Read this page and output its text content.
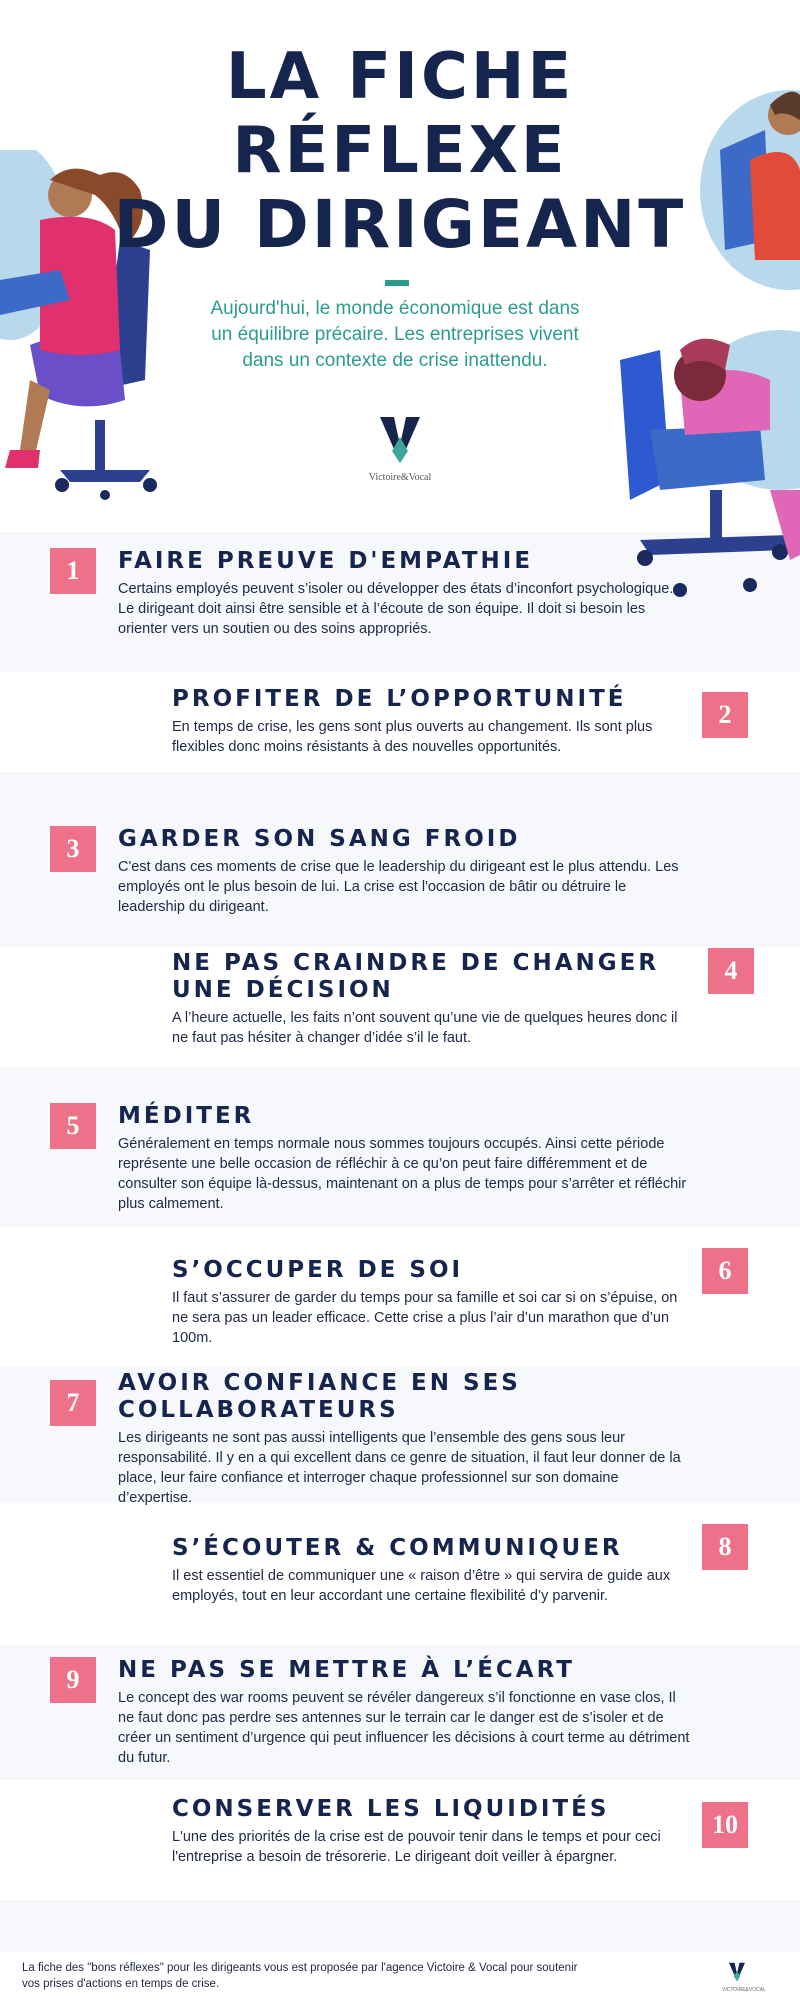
LA FICHE
RÉFLEXE
DU DIRIGEANT

Aujourd'hui, le monde économique est dans un équilibre précaire. Les entreprises vivent dans un contexte de crise inattendu.

Victoire&Vocal
1	FAIRE PREUVE D'EMPATHIE

Certains employés peuvent s’isoler ou développer des états d’inconfort psychologique. Le dirigeant doit ainsi être sensible et à l’écoute de son équipe. Il doit si besoin les orienter vers un soutien ou des soins appropriés.

PROFITER DE L’OPPORTUNITÉ

En temps de crise, les gens sont plus ouverts au changement. Ils sont plus flexibles donc moins résistants à des nouvelles opportunités.

2
3	GARDER SON SANG FROID

C'est dans ces moments de crise que le leadership du dirigeant est le plus attendu. Les employés ont le plus besoin de lui. La crise est l'occasion de bâtir ou détruire le leadership du dirigeant.

NE PAS CRAINDRE DE CHANGER UNE DÉCISION

A l’heure actuelle, les faits n’ont souvent qu’une vie de quelques heures donc il ne faut pas hésiter à changer d’idée s’il le faut.

4
5	MÉDITER

Généralement en temps normale nous sommes toujours occupés. Ainsi cette période représente une belle occasion de réfléchir à ce qu’on peut faire différemment et de consulter son équipe là-dessus, maintenant on a plus de temps pour s’arrêter et réfléchir plus calmement.

S’OCCUPER DE SOI

Il faut s’assurer de garder du temps pour sa famille et soi car si on s’épuise, on ne sera pas un leader efficace. Cette crise a plus l’air d’un marathon que d’un 100m.

6
7
AVOIR CONFIANCE EN SES COLLABORATEURS

Les dirigeants ne sont pas aussi intelligents que l’ensemble des gens sous leur responsabilité. Il y en a qui excellent dans ce genre de situation, il faut leur donner de la place, leur faire confiance et interroger chaque professionnel sur son domaine d’expertise.

S’ÉCOUTER & COMMUNIQUER

Il est essentiel de communiquer une « raison d’être » qui servira de guide aux employés, tout en leur accordant une certaine flexibilité d’y parvenir.

8
9	NE PAS SE METTRE À L’ÉCART

Le concept des war rooms peuvent se révéler dangereux s’il fonctionne en vase clos, Il ne faut donc pas perdre ses antennes sur le terrain car le danger est de s’isoler et de créer un sentiment d’urgence qui peut influencer les décisions à court terme au détriment du futur.

CONSERVER LES LIQUIDITÉS

L'une des priorités de la crise est de pouvoir tenir dans le temps et pour ceci l'entreprise a besoin de trésorerie. Le dirigeant doit veiller à épargner.

10

La fiche des "bons réflexes" pour les dirigeants vous est proposée par l'agence Victoire & Vocal pour soutenir vos prises d'actions en temps de crise.	VICTOIRE&VOCAL
